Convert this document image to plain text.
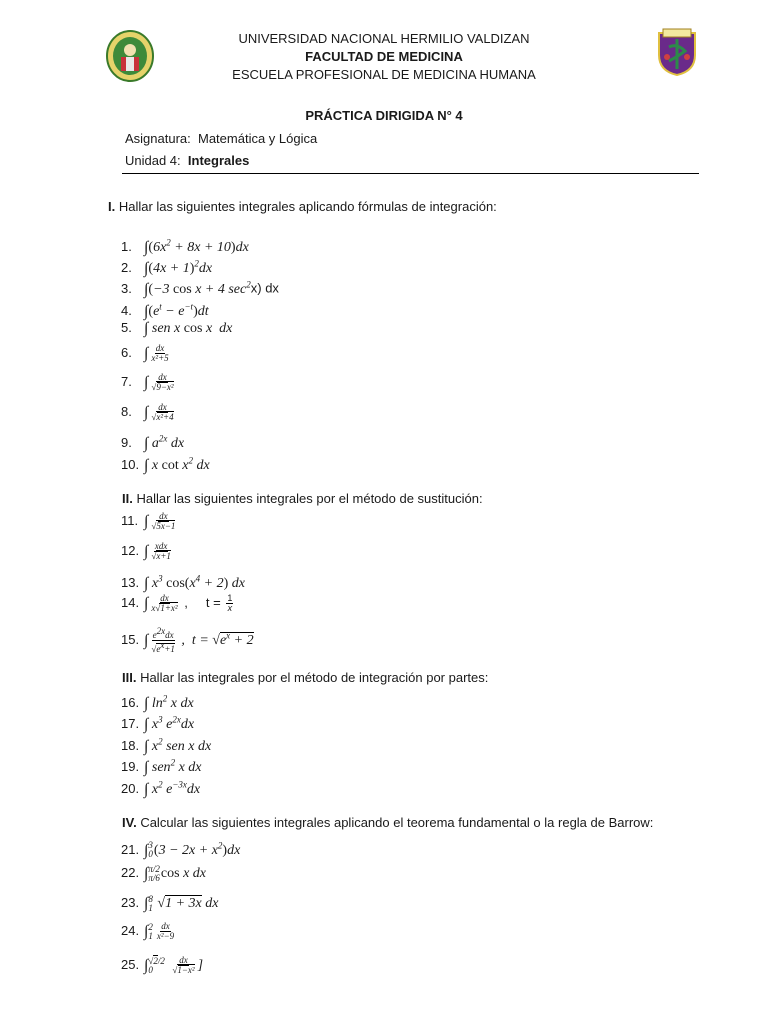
UNIVERSIDAD NACIONAL HERMILIO VALDIZAN
FACULTAD DE MEDICINA
ESCUELA PROFESIONAL DE MEDICINA HUMANA
PRÁCTICA DIRIGIDA N° 4
Asignatura: Matemática y Lógica
Unidad 4: Integrales
I. Hallar las siguientes integrales aplicando fórmulas de integración:
1. $\int(6x^2 + 8x + 10)dx$
2. $\int(4x + 1)^2dx$
3. ∫(−3 cos x + 4 $\sec^2x$) dx
4. $\int(e^t - e^{-t})dt$
5. ∫ sen x cos x dx
6. ∫ $\frac{dx}{\text{x²+5}}$
7. ∫ $\frac{dx}{\text{√9−x²}}$
8. ∫ $\frac{dx}{\text{√x²+4}}$
9. ∫ $a^{2x}$ dx
10. ∫ x $\cot x^2$ dx
II. Hallar las siguientes integrales por el método de sustitución:
11. ∫ $\frac{dx}{√5x-1}$
12. ∫ $\frac{\text{xdx}}{√x+1}$
13. ∫ $x^3$ $\cos(x^4 + 2)$ dx
14. ∫ $\frac{dx}{\text{x√1+x²}}$ ,     $t = \frac{1}{x}$
15. ∫ $\frac{e^{2x}dx}{√e^x+1}$ ,  $t = √e^x + 2$
III. Hallar las integrales por el método de integración por partes:
16. ∫ $\ln^2 x$ dx
17. ∫ $x^3$ $e^{2x}dx$
18. ∫ $x^2$ sen x dx
19. ∫ sen$^2$ x dx
20. ∫ $x^2$ $e^{-3x}dx$
IV. Calcular las siguientes integrales aplicando el teorema fundamental o la regla de Barrow:
21. ∫ 3
0 $(3 - 2x + x^2)dx$
22. ∫ π/2
π/6 cos x dx
23. ∫ 8
1 √1 + 3x dx
24. ∫ 2
$1 \frac{dx}{\text{x²−9}}$
25. ∫ √2/2
0
	$\frac{dx}{\text{√1−x²}}$ ]
